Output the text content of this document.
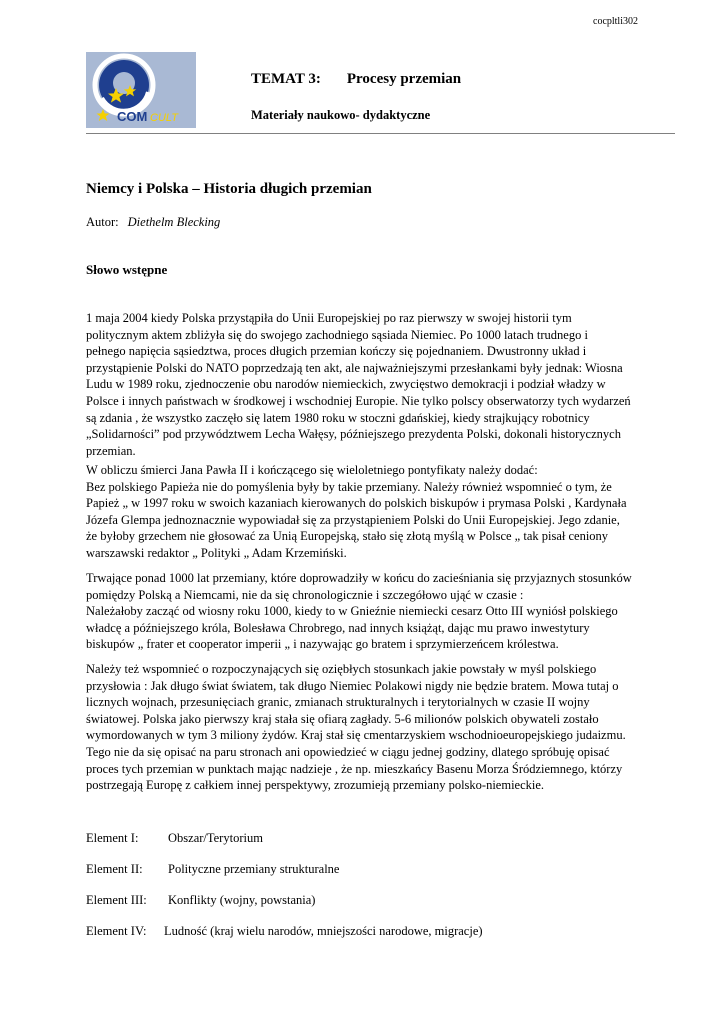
cocpltli302
COM CULT
TEMAT 3: Procesy przemian
Materiały naukowo- dydaktyczne
Niemcy i Polska – Historia długich przemian
Autor: Diethelm Blecking
Słowo wstępne
1 maja 2004 kiedy Polska przystąpiła do Unii Europejskiej po raz pierwszy w swojej historii tym
politycznym aktem zbliżyła się do swojego zachodniego sąsiada Niemiec. Po 1000 latach trudnego i
pełnego napięcia sąsiedztwa, proces długich przemian kończy się pojednaniem. Dwustronny układ i
przystąpienie Polski do NATO poprzedzają ten akt, ale najważniejszymi przesłankami były jednak: Wiosna
Ludu w 1989 roku, zjednoczenie obu narodów niemieckich, zwycięstwo demokracji i podział władzy w
Polsce i innych państwach w środkowej i wschodniej Europie. Nie tylko polscy obserwatorzy tych wydarzeń
są zdania , że wszystko zaczęło się latem 1980 roku w stoczni gdańskiej, kiedy strajkujący robotnicy
„Solidarności” pod przywództwem Lecha Wałęsy, późniejszego prezydenta Polski, dokonali historycznych
przemian.
W obliczu śmierci Jana Pawła II i kończącego się wieloletniego pontyfikaty należy dodać:
Bez polskiego Papieża nie do pomyślenia były by takie przemiany. Należy również wspomnieć o tym, że
Papież „ w 1997 roku w swoich kazaniach kierowanych do polskich biskupów i prymasa Polski , Kardynała
Józefa Glempa jednoznacznie wypowiadał się za przystąpieniem Polski do Unii Europejskiej. Jego zdanie,
że byłoby grzechem nie głosować za Unią Europejską, stało się złotą myślą w Polsce „ tak pisał ceniony
warszawski redaktor „ Polityki „ Adam Krzemiński.
Trwające ponad 1000 lat przemiany, które doprowadziły w końcu do zacieśniania się przyjaznych stosunków
pomiędzy Polską a Niemcami, nie da się chronologicznie i szczegółowo ująć w czasie :
Należałoby zacząć od wiosny roku 1000, kiedy to w Gnieźnie niemiecki cesarz Otto III wyniósł polskiego
władcę a późniejszego króla, Bolesława Chrobrego, nad innych książąt, dając mu prawo inwestytury
biskupów „ frater et cooperator imperii „ i nazywając go bratem i sprzymierzeńcem królestwa.
Należy też wspomnieć o rozpoczynających się oziębłych stosunkach jakie powstały w myśl polskiego
przysłowia : Jak długo świat światem, tak długo Niemiec Polakowi nigdy nie będzie bratem. Mowa tutaj o
licznych wojnach, przesunięciach granic, zmianach strukturalnych i terytorialnych w czasie II wojny
światowej. Polska jako pierwszy kraj stała się ofiarą zagłady. 5-6 milionów polskich obywateli zostało
wymordowanych w tym 3 miliony żydów. Kraj stał się cmentarzyskiem wschodnioeuropejskiego judaizmu.
Tego nie da się opisać na paru stronach ani opowiedzieć w ciągu jednej godziny, dlatego spróbuję opisać
proces tych przemian w punktach mając nadzieje , że np. mieszkańcy Basenu Morza Śródziemnego, którzy
postrzegają Europę z całkiem innej perspektywy, zrozumieją przemiany polsko-niemieckie.
Element I: Obszar/Terytorium
Element II: Polityczne przemiany strukturalne
Element III: Konflikty (wojny, powstania)
Element IV: Ludność (kraj wielu narodów, mniejszości narodowe, migracje)
